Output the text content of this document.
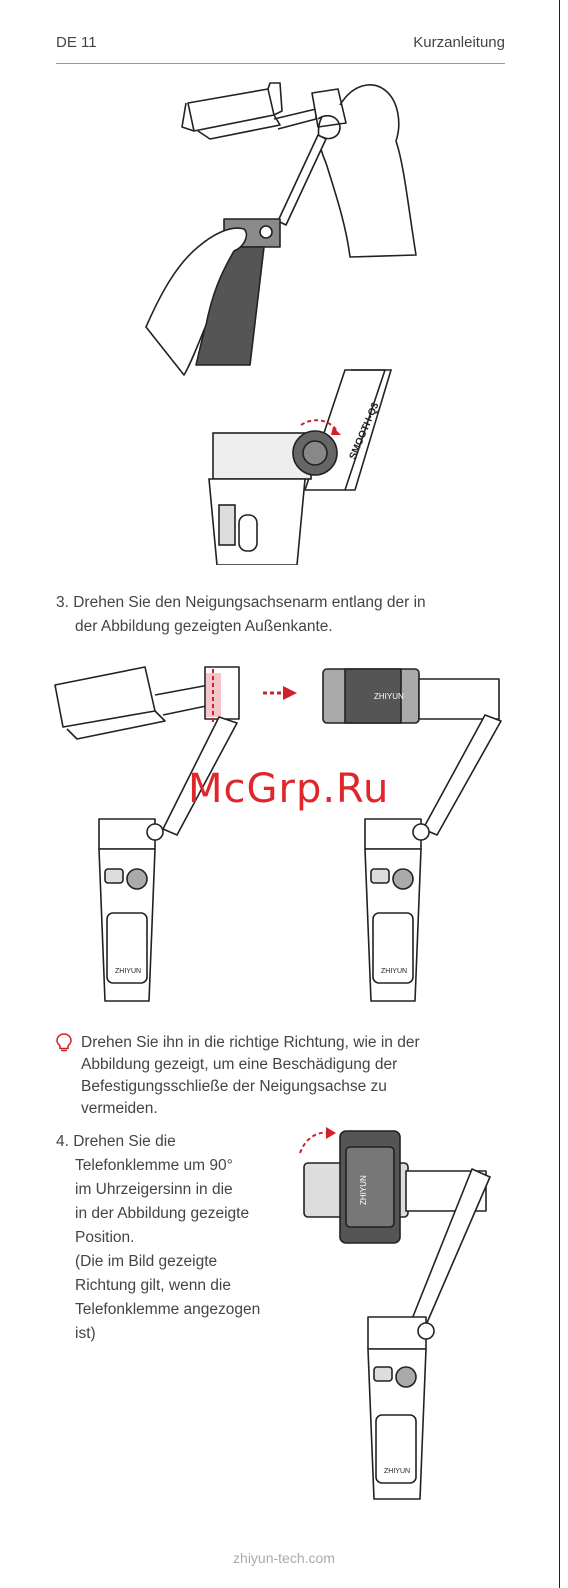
DE 11	Kurzanleitung
SMOOTH-Q3
3. Drehen Sie den Neigungsachsenarm entlang der in
der Abbildung gezeigten Außenkante.
ZHIYUN
ZHIYUN	ZHIYUN
McGrp.Ru
Drehen Sie ihn in die richtige Richtung, wie in der
Abbildung gezeigt, um eine Beschädigung der
Befestigungsschließe der Neigungsachse zu
vermeiden.
4. Drehen Sie die
Telefonklemme um 90°
im Uhrzeigersinn in die
in der Abbildung gezeigte
Position.
(Die im Bild gezeigte
Richtung gilt, wenn die
Telefonklemme angezogen
ist)
ZHIYUN
ZHIYUN
zhiyun-tech.com
